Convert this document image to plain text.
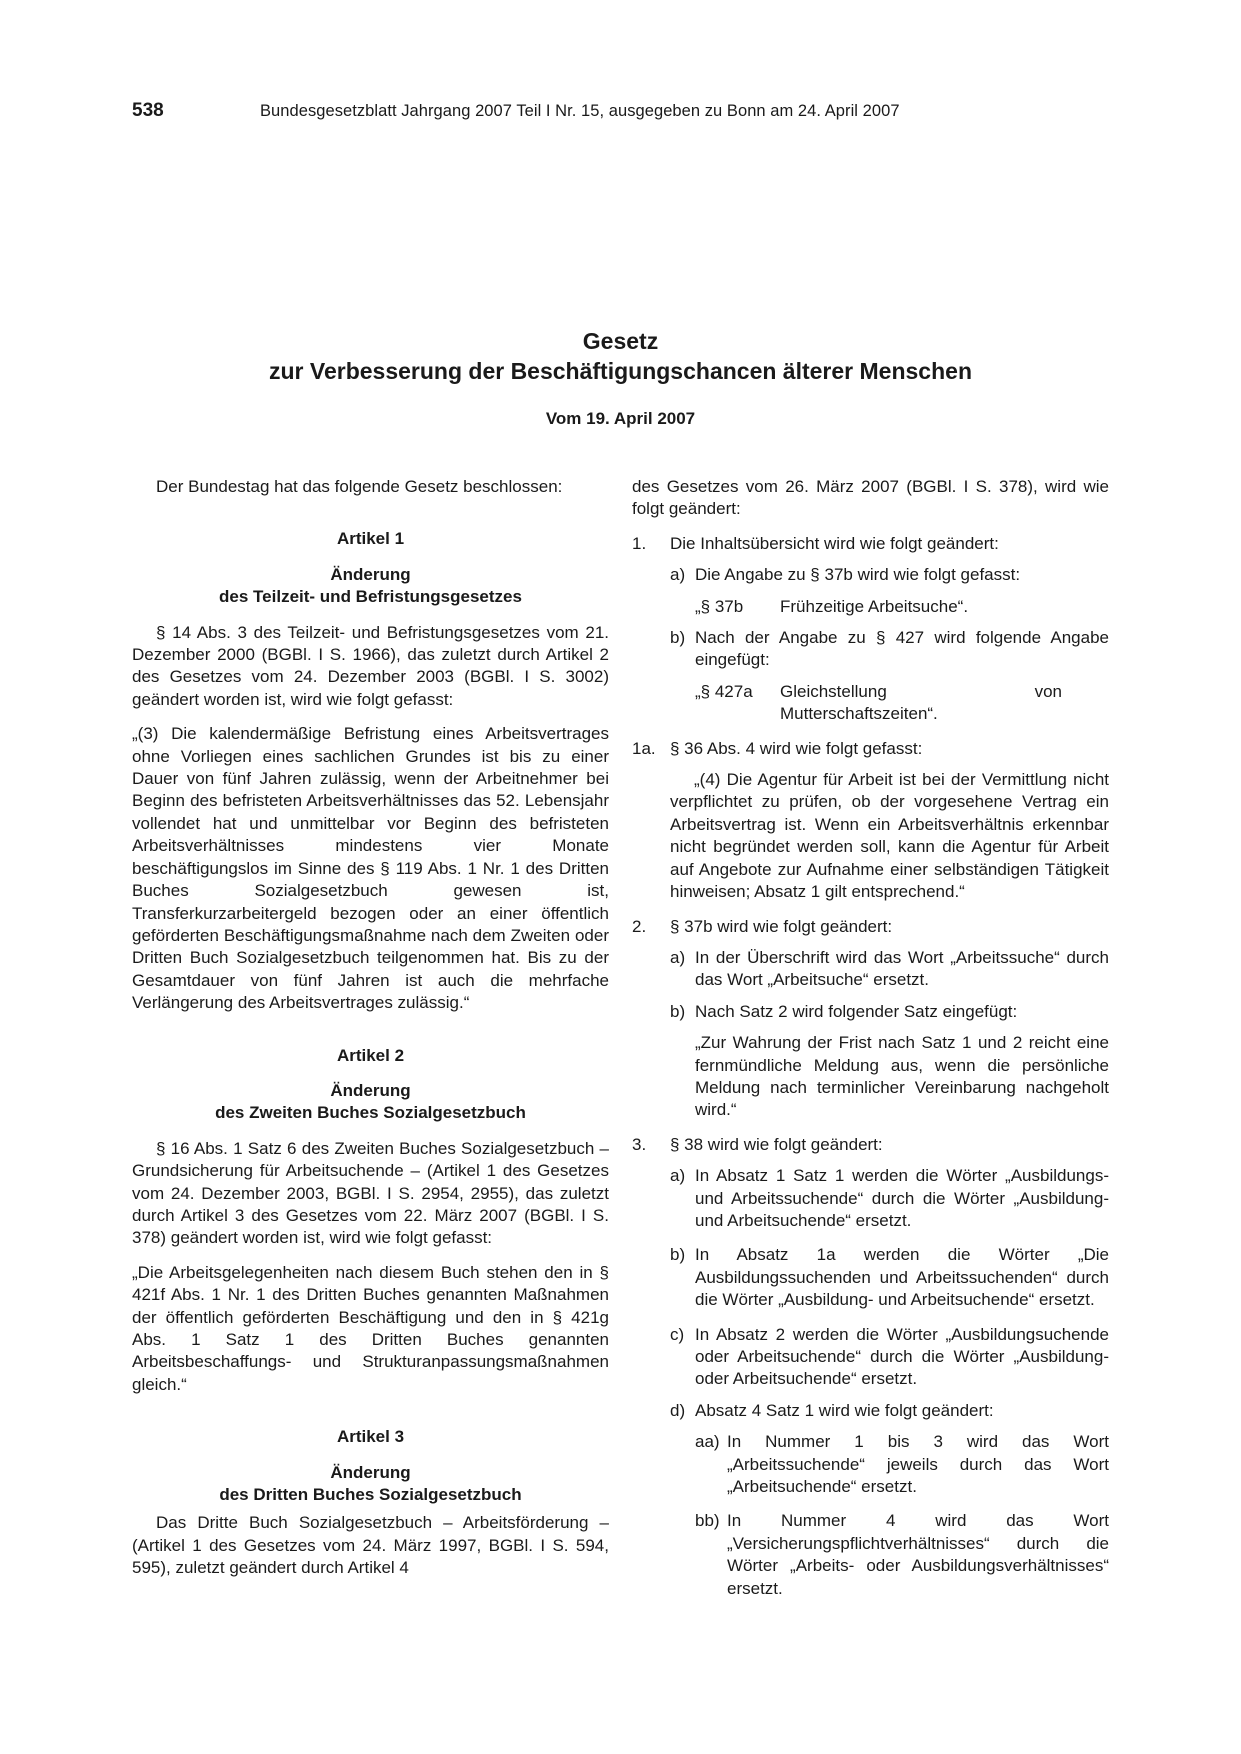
538	Bundesgesetzblatt Jahrgang 2007 Teil I Nr. 15, ausgegeben zu Bonn am 24. April 2007
Gesetz
zur Verbesserung der Beschäftigungschancen älterer Menschen
Vom 19. April 2007

Der Bundestag hat das folgende Gesetz beschlossen:

Artikel 1
Änderung
des Teilzeit- und Befristungsgesetzes

§ 14 Abs. 3 des Teilzeit- und Befristungsgesetzes vom 21. Dezember 2000 (BGBl. I S. 1966), das zuletzt durch Artikel 2 des Gesetzes vom 24. Dezember 2003 (BGBl. I S. 3002) geändert worden ist, wird wie folgt gefasst:

„(3) Die kalendermäßige Befristung eines Arbeitsvertrages ohne Vorliegen eines sachlichen Grundes ist bis zu einer Dauer von fünf Jahren zulässig, wenn der Arbeitnehmer bei Beginn des befristeten Arbeitsverhältnisses das 52. Lebensjahr vollendet hat und unmittelbar vor Beginn des befristeten Arbeitsverhältnisses mindestens vier Monate beschäftigungslos im Sinne des § 119 Abs. 1 Nr. 1 des Dritten Buches Sozialgesetzbuch gewesen ist, Transferkurzarbeitergeld bezogen oder an einer öffentlich geförderten Beschäftigungsmaßnahme nach dem Zweiten oder Dritten Buch Sozialgesetzbuch teilgenommen hat. Bis zu der Gesamtdauer von fünf Jahren ist auch die mehrfache Verlängerung des Arbeitsvertrages zulässig.“

Artikel 2
Änderung
des Zweiten Buches Sozialgesetzbuch

§ 16 Abs. 1 Satz 6 des Zweiten Buches Sozialgesetzbuch – Grundsicherung für Arbeitsuchende – (Artikel 1 des Gesetzes vom 24. Dezember 2003, BGBl. I S. 2954, 2955), das zuletzt durch Artikel 3 des Gesetzes vom 22. März 2007 (BGBl. I S. 378) geändert worden ist, wird wie folgt gefasst:

„Die Arbeitsgelegenheiten nach diesem Buch stehen den in § 421f Abs. 1 Nr. 1 des Dritten Buches genannten Maßnahmen der öffentlich geförderten Beschäftigung und den in § 421g Abs. 1 Satz 1 des Dritten Buches genannten Arbeitsbeschaffungs- und Strukturanpassungsmaßnahmen gleich.“

Artikel 3
Änderung
des Dritten Buches Sozialgesetzbuch

Das Dritte Buch Sozialgesetzbuch – Arbeitsförderung – (Artikel 1 des Gesetzes vom 24. März 1997, BGBl. I S. 594, 595), zuletzt geändert durch Artikel 4

des Gesetzes vom 26. März 2007 (BGBl. I S. 378), wird wie folgt geändert:

1. Die Inhaltsübersicht wird wie folgt geändert:
a) Die Angabe zu § 37b wird wie folgt gefasst:
„§ 37b Frühzeitige Arbeitsuche“.
b) Nach der Angabe zu § 427 wird folgende Angabe eingefügt:
„§ 427a Gleichstellung von Mutterschaftszeiten“.
1a. § 36 Abs. 4 wird wie folgt gefasst:

„(4) Die Agentur für Arbeit ist bei der Vermittlung nicht verpflichtet zu prüfen, ob der vorgesehene Vertrag ein Arbeitsvertrag ist. Wenn ein Arbeitsverhältnis erkennbar nicht begründet werden soll, kann die Agentur für Arbeit auf Angebote zur Aufnahme einer selbständigen Tätigkeit hinweisen; Absatz 1 gilt entsprechend.“

2. § 37b wird wie folgt geändert:
a) In der Überschrift wird das Wort „Arbeitssuche“ durch das Wort „Arbeitsuche“ ersetzt.
b) Nach Satz 2 wird folgender Satz eingefügt:

„Zur Wahrung der Frist nach Satz 1 und 2 reicht eine fernmündliche Meldung aus, wenn die persönliche Meldung nach terminlicher Vereinbarung nachgeholt wird.“

3. § 38 wird wie folgt geändert:
a) In Absatz 1 Satz 1 werden die Wörter „Ausbildungs- und Arbeitssuchende“ durch die Wörter „Ausbildung- und Arbeitsuchende“ ersetzt.
b) In Absatz 1a werden die Wörter „Die Ausbildungssuchenden und Arbeitssuchenden“ durch die Wörter „Ausbildung- und Arbeitsuchende“ ersetzt.
c) In Absatz 2 werden die Wörter „Ausbildungsuchende oder Arbeitsuchende“ durch die Wörter „Ausbildung- oder Arbeitsuchende“ ersetzt.
d) Absatz 4 Satz 1 wird wie folgt geändert:
aa) In Nummer 1 bis 3 wird das Wort „Arbeitssuchende“ jeweils durch das Wort „Arbeitsuchende“ ersetzt.
bb) In Nummer 4 wird das Wort „Versicherungspflichtverhältnisses“ durch die Wörter „Arbeits- oder Ausbildungsverhältnisses“ ersetzt.
